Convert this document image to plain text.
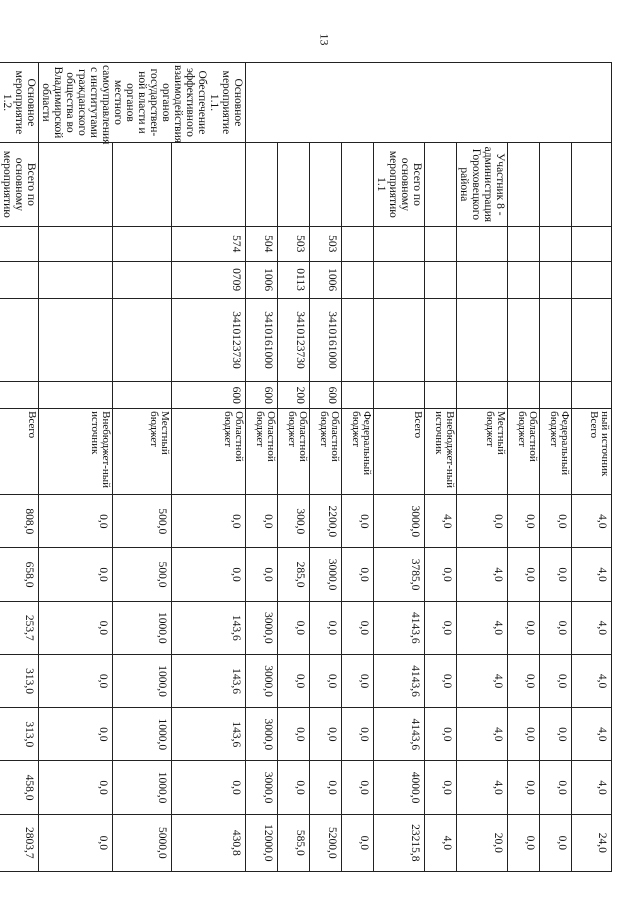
13
						ный источник Всего	4,0	4,0	4,0	4,0	4,0	4,0	24,0
						Федеральный бюджет	0,0	0,0	0,0	0,0	0,0	0,0	0,0
						Областной бюджет	0,0	0,0	0,0	0,0	0,0	0,0	0,0
	Участник 8 - администрация Гороховецкого района					Местный бюджет	0,0	4,0	4,0	4,0	4,0	4,0	20,0
						Внебюджет-ный источник	4,0	0,0	0,0	0,0	0,0	0,0	4,0
	Всего по основному мероприятию 1.1					Всего	3000,0	3785,0	4143,6	4143,6	4143,6	4000,0	23215,8
						Федеральный бюджет	0,0	0,0	0,0	0,0	0,0	0,0	0,0
		503	1006	3410161000	600	Областной бюджет	2200,0	3000,0	0,0	0,0	0,0	0,0	5200,0
		503	0113	3410123730	200	Областной бюджет	300,0	285,0	0,0	0,0	0,0	0,0	585,0
		504	1006	3410161000	600	Областной бюджет	0,0	0,0	3000,0	3000,0	3000,0	3000,0	12000,0
Основное мероприятие 1.1. Обеспечение эффективного взаимодействия органов государствен-ной власти и органов местного самоуправления с институтами гражданского общества во Владимирской области		574	0709	3410123730	600	Областной бюджет	0,0	0,0	143,6	143,6	143,6	0,0	430,8
						Местный бюджет	500,0	500,0	1000,0	1000,0	1000,0	1000,0	5000,0
						Внебюджет-ный источник	0,0	0,0	0,0	0,0	0,0	0,0	0,0
Основное мероприятие 1.2.	Всего по основному мероприятию					Всего	808,0	658,0	253,7	313,0	313,0	458,0	2803,7
